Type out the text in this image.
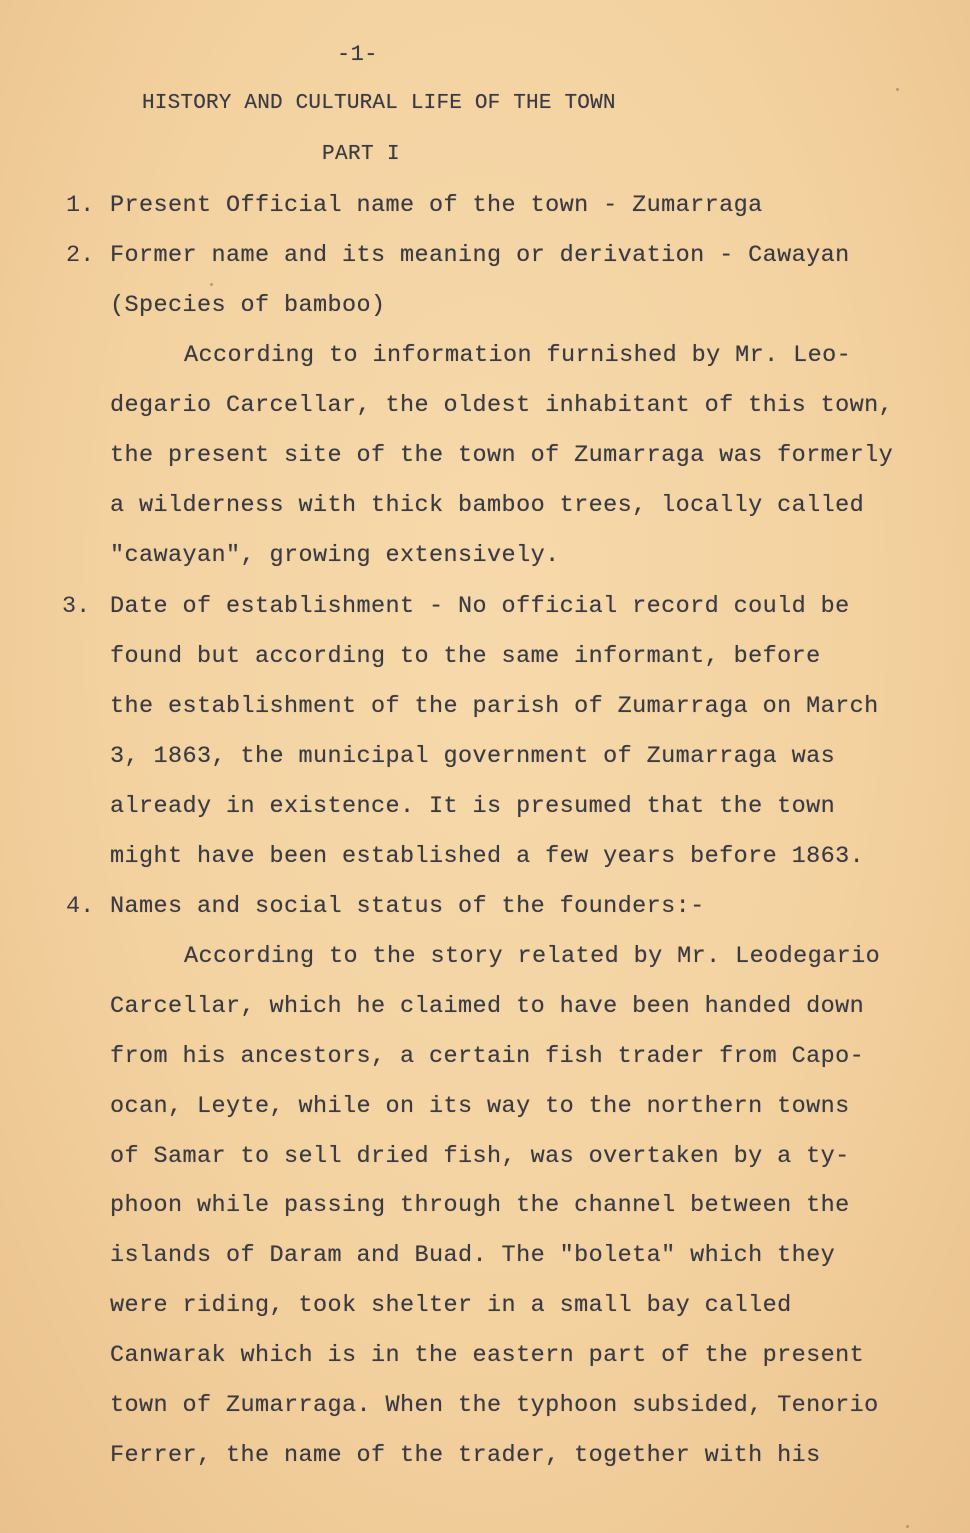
-1-
HISTORY AND CULTURAL LIFE OF THE TOWN
PART I
1. Present Official name of the town - Zumarraga
2. Former name and its meaning or derivation - Cawayan
(Species of bamboo)
According to information furnished by Mr. Leo-
degario Carcellar, the oldest inhabitant of this town,
the present site of the town of Zumarraga was formerly
a wilderness with thick bamboo trees, locally called
"cawayan", growing extensively.
3. Date of establishment - No official record could be
found but according to the same informant, before
the establishment of the parish of Zumarraga on March
3, 1863, the municipal government of Zumarraga was
already in existence. It is presumed that the town
might have been established a few years before 1863.
4. Names and social status of the founders:-
According to the story related by Mr. Leodegario
Carcellar, which he claimed to have been handed down
from his ancestors, a certain fish trader from Capo-
ocan, Leyte, while on its way to the northern towns
of Samar to sell dried fish, was overtaken by a ty-
phoon while passing through the channel between the
islands of Daram and Buad. The "boleta" which they
were riding, took shelter in a small bay called
Canwarak which is in the eastern part of the present
town of Zumarraga. When the typhoon subsided, Tenorio
Ferrer, the name of the trader, together with his
